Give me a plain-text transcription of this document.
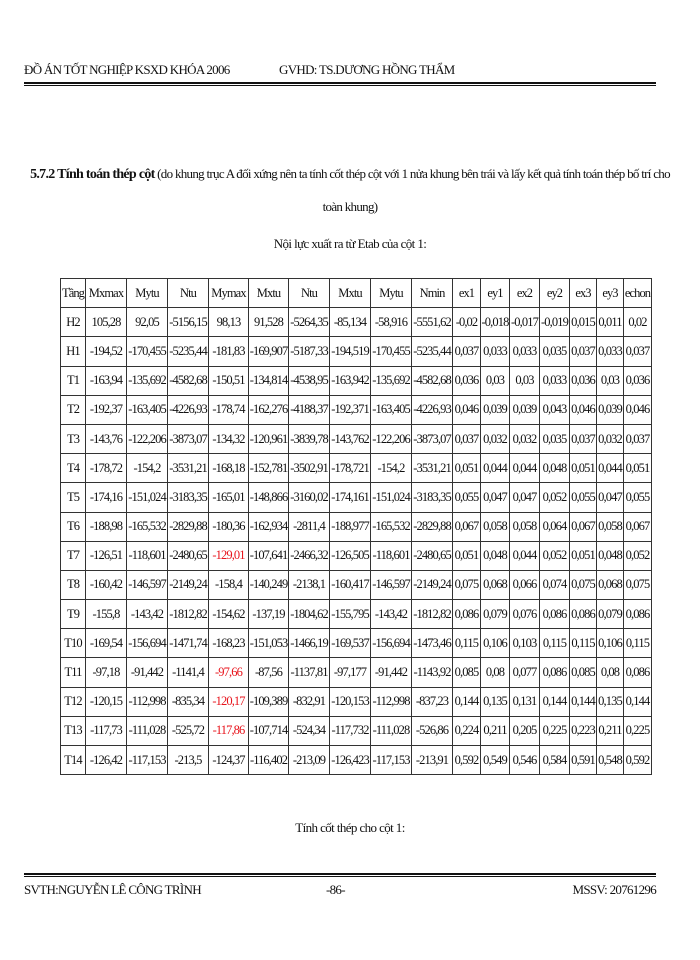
ĐỒ ÁN TỐT NGHIỆP KSXD KHÓA 2006	GVHD: TS.DƯƠNG HỒNG THẨM
5.7.2 Tính toán thép cột (do khung trục A đối xứng nên ta tính cốt thép cột với 1 nửa khung bên trái và lấy kết quả tính toán thép bố trí cho toàn khung)
Nội lực xuất ra từ Etab của cột 1:
Tầng	Mxmax	Mytu	Ntu	Mymax	Mxtu	Ntu	Mxtu	Mytu	Nmin	ex1	ey1	ex2	ey2	ex3	ey3	echon
H2	105,28	92,05	-5156,15	98,13	91,528	-5264,35	-85,134	-58,916	-5551,62	-0,02	-0,018	-0,017	-0,019	0,015	0,011	0,02
H1	-194,52	-170,455	-5235,44	-181,83	-169,907	-5187,33	-194,519	-170,455	-5235,44	0,037	0,033	0,033	0,035	0,037	0,033	0,037
T1	-163,94	-135,692	-4582,68	-150,51	-134,814	-4538,95	-163,942	-135,692	-4582,68	0,036	0,03	0,03	0,033	0,036	0,03	0,036
T2	-192,37	-163,405	-4226,93	-178,74	-162,276	-4188,37	-192,371	-163,405	-4226,93	0,046	0,039	0,039	0,043	0,046	0,039	0,046
T3	-143,76	-122,206	-3873,07	-134,32	-120,961	-3839,78	-143,762	-122,206	-3873,07	0,037	0,032	0,032	0,035	0,037	0,032	0,037
T4	-178,72	-154,2	-3531,21	-168,18	-152,781	-3502,91	-178,721	-154,2	-3531,21	0,051	0,044	0,044	0,048	0,051	0,044	0,051
T5	-174,16	-151,024	-3183,35	-165,01	-148,866	-3160,02	-174,161	-151,024	-3183,35	0,055	0,047	0,047	0,052	0,055	0,047	0,055
T6	-188,98	-165,532	-2829,88	-180,36	-162,934	-2811,4	-188,977	-165,532	-2829,88	0,067	0,058	0,058	0,064	0,067	0,058	0,067
T7	-126,51	-118,601	-2480,65	-129,01	-107,641	-2466,32	-126,505	-118,601	-2480,65	0,051	0,048	0,044	0,052	0,051	0,048	0,052
T8	-160,42	-146,597	-2149,24	-158,4	-140,249	-2138,1	-160,417	-146,597	-2149,24	0,075	0,068	0,066	0,074	0,075	0,068	0,075
T9	-155,8	-143,42	-1812,82	-154,62	-137,19	-1804,62	-155,795	-143,42	-1812,82	0,086	0,079	0,076	0,086	0,086	0,079	0,086
T10	-169,54	-156,694	-1471,74	-168,23	-151,053	-1466,19	-169,537	-156,694	-1473,46	0,115	0,106	0,103	0,115	0,115	0,106	0,115
T11	-97,18	-91,442	-1141,4	-97,66	-87,56	-1137,81	-97,177	-91,442	-1143,92	0,085	0,08	0,077	0,086	0,085	0,08	0,086
T12	-120,15	-112,998	-835,34	-120,17	-109,389	-832,91	-120,153	-112,998	-837,23	0,144	0,135	0,131	0,144	0,144	0,135	0,144
T13	-117,73	-111,028	-525,72	-117,86	-107,714	-524,34	-117,732	-111,028	-526,86	0,224	0,211	0,205	0,225	0,223	0,211	0,225
T14	-126,42	-117,153	-213,5	-124,37	-116,402	-213,09	-126,423	-117,153	-213,91	0,592	0,549	0,546	0,584	0,591	0,548	0,592
Tính cốt thép cho cột 1:
SVTH:NGUYỄN LÊ CÔNG TRÌNH	-86-	MSSV: 20761296
